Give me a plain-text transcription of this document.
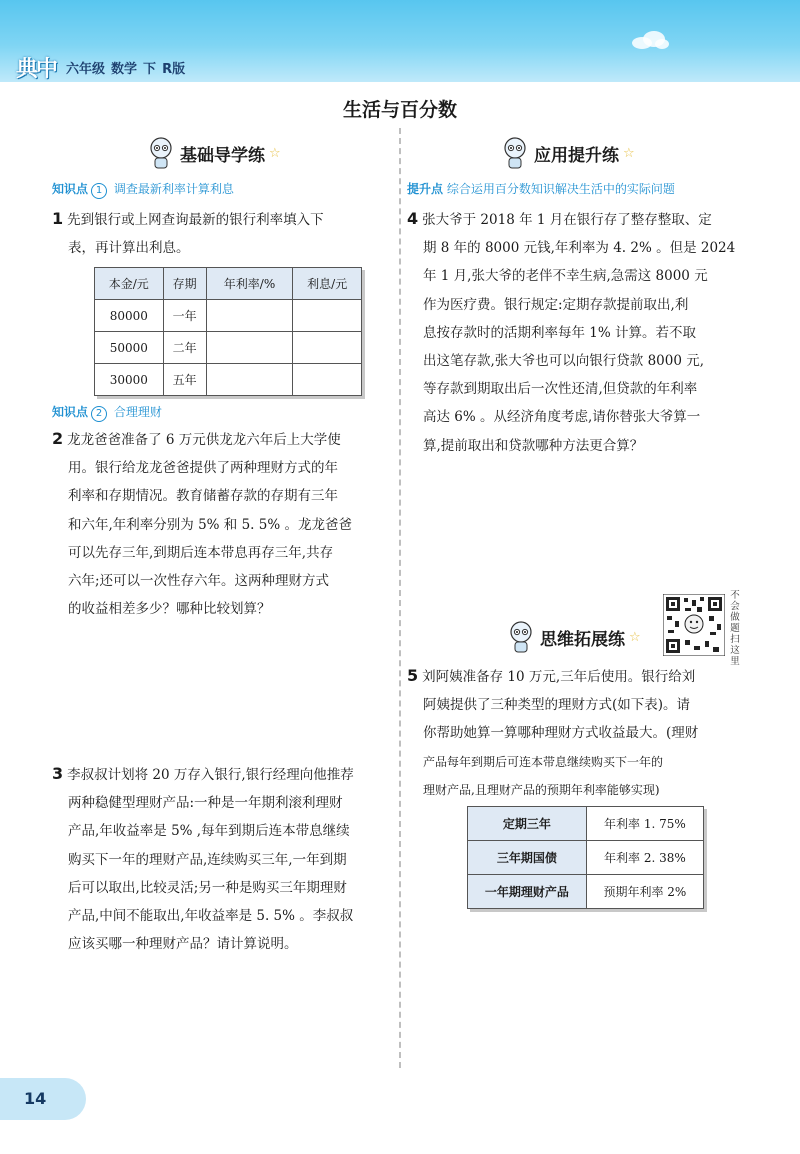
典中 六年级 数学 下 R版
生活与百分数
基础导学练 ☆
知识点 1 调查最新利率计算利息
1 先到银行或上网查询最新的银行利率填入下
表，再计算出利息。
本金/元	存期	年利率/%	利息/元
80000	一年		
50000	二年		
30000	五年		
知识点 2 合理理财
2 龙龙爸爸准备了 6 万元供龙龙六年后上大学使
用。银行给龙龙爸爸提供了两种理财方式的年
利率和存期情况。教育储蓄存款的存期有三年
和六年,年利率分别为 5% 和 5. 5% 。龙龙爸爸
可以先存三年,到期后连本带息再存三年,共存
六年;还可以一次性存六年。这两种理财方式
的收益相差多少？哪种比较划算？
3 李叔叔计划将 20 万存入银行,银行经理向他推荐
两种稳健型理财产品:一种是一年期利滚利理财
产品,年收益率是 5% ,每年到期后连本带息继续
购买下一年的理财产品,连续购买三年,一年到期
后可以取出,比较灵活;另一种是购买三年期理财
产品,中间不能取出,年收益率是 5. 5% 。李叔叔
应该买哪一种理财产品？请计算说明。
应用提升练 ☆
提升点 综合运用百分数知识解决生活中的实际问题
4 张大爷于 2018 年 1 月在银行存了整存整取、定
期 8 年的 8000 元钱,年利率为 4. 2% 。但是 2024
年 1 月,张大爷的老伴不幸生病,急需这 8000 元
作为医疗费。银行规定:定期存款提前取出,利
息按存款时的活期利率每年 1% 计算。若不取
出这笔存款,张大爷也可以向银行贷款 8000 元,
等存款到期取出后一次性还清,但贷款的年利率
高达 6% 。从经济角度考虑,请你替张大爷算一
算,提前取出和贷款哪种方法更合算？
不会做题扫这里
思维拓展练 ☆
5 刘阿姨准备存 10 万元,三年后使用。银行给刘
阿姨提供了三种类型的理财方式(如下表)。请
你帮助她算一算哪种理财方式收益最大。(理财
产品每年到期后可连本带息继续购买下一年的
理财产品,且理财产品的预期年利率能够实现)
定期三年	年利率 1. 75%
三年期国债	年利率 2. 38%
一年期理财产品	预期年利率 2%
14
